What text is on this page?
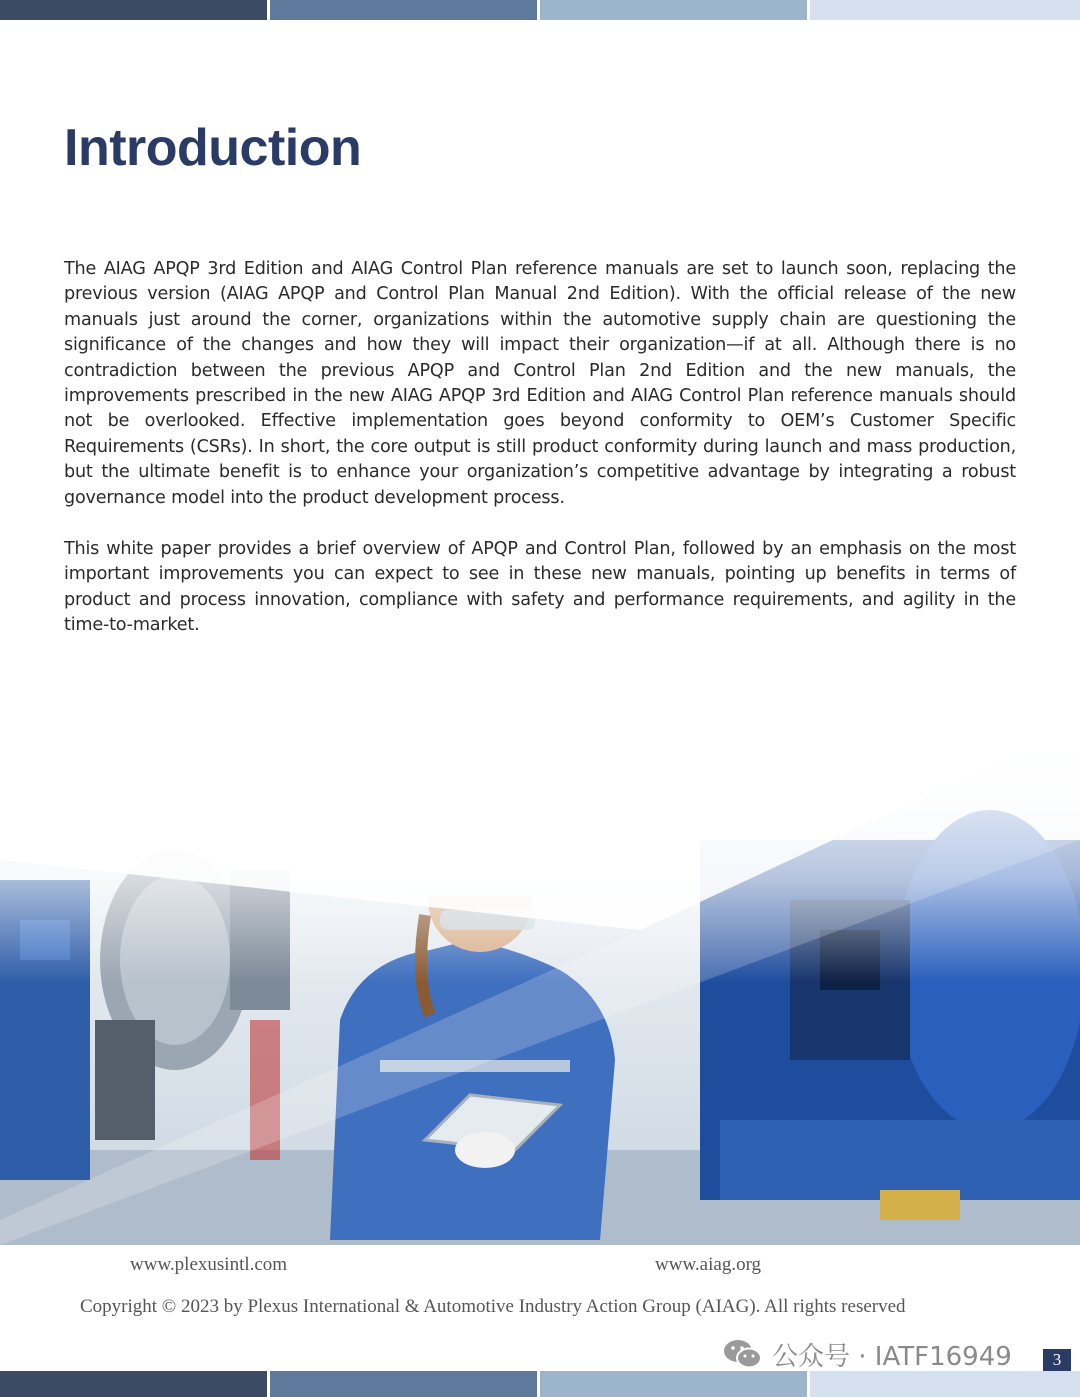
Introduction

The AIAG APQP 3rd Edition and AIAG Control Plan reference manuals are set to launch soon, replacing the previous version (AIAG APQP and Control Plan Manual 2nd Edition). With the official release of the new manuals just around the corner, organizations within the automotive supply chain are questioning the significance of the changes and how they will impact their organization—if at all. Although there is no contradiction between the previous APQP and Control Plan 2nd Edition and the new manuals, the improvements prescribed in the new AIAG APQP 3rd Edition and AIAG Control Plan reference manuals should not be overlooked. Effective implementation goes beyond conformity to OEM’s Customer Specific Requirements (CSRs). In short, the core output is still product conformity during launch and mass production, but the ultimate benefit is to enhance your organization’s competitive advantage by integrating a robust governance model into the product development process.

This white paper provides a brief overview of APQP and Control Plan, followed by an emphasis on the most important improvements you can expect to see in these new manuals, pointing up benefits in terms of product and process innovation, compliance with safety and performance requirements, and agility in the time-to-market.

www.plexusintl.com	www.aiag.org

Copyright © 2023 by Plexus International & Automotive Industry Action Group (AIAG). All rights reserved

公众号 · IATF16949	3
